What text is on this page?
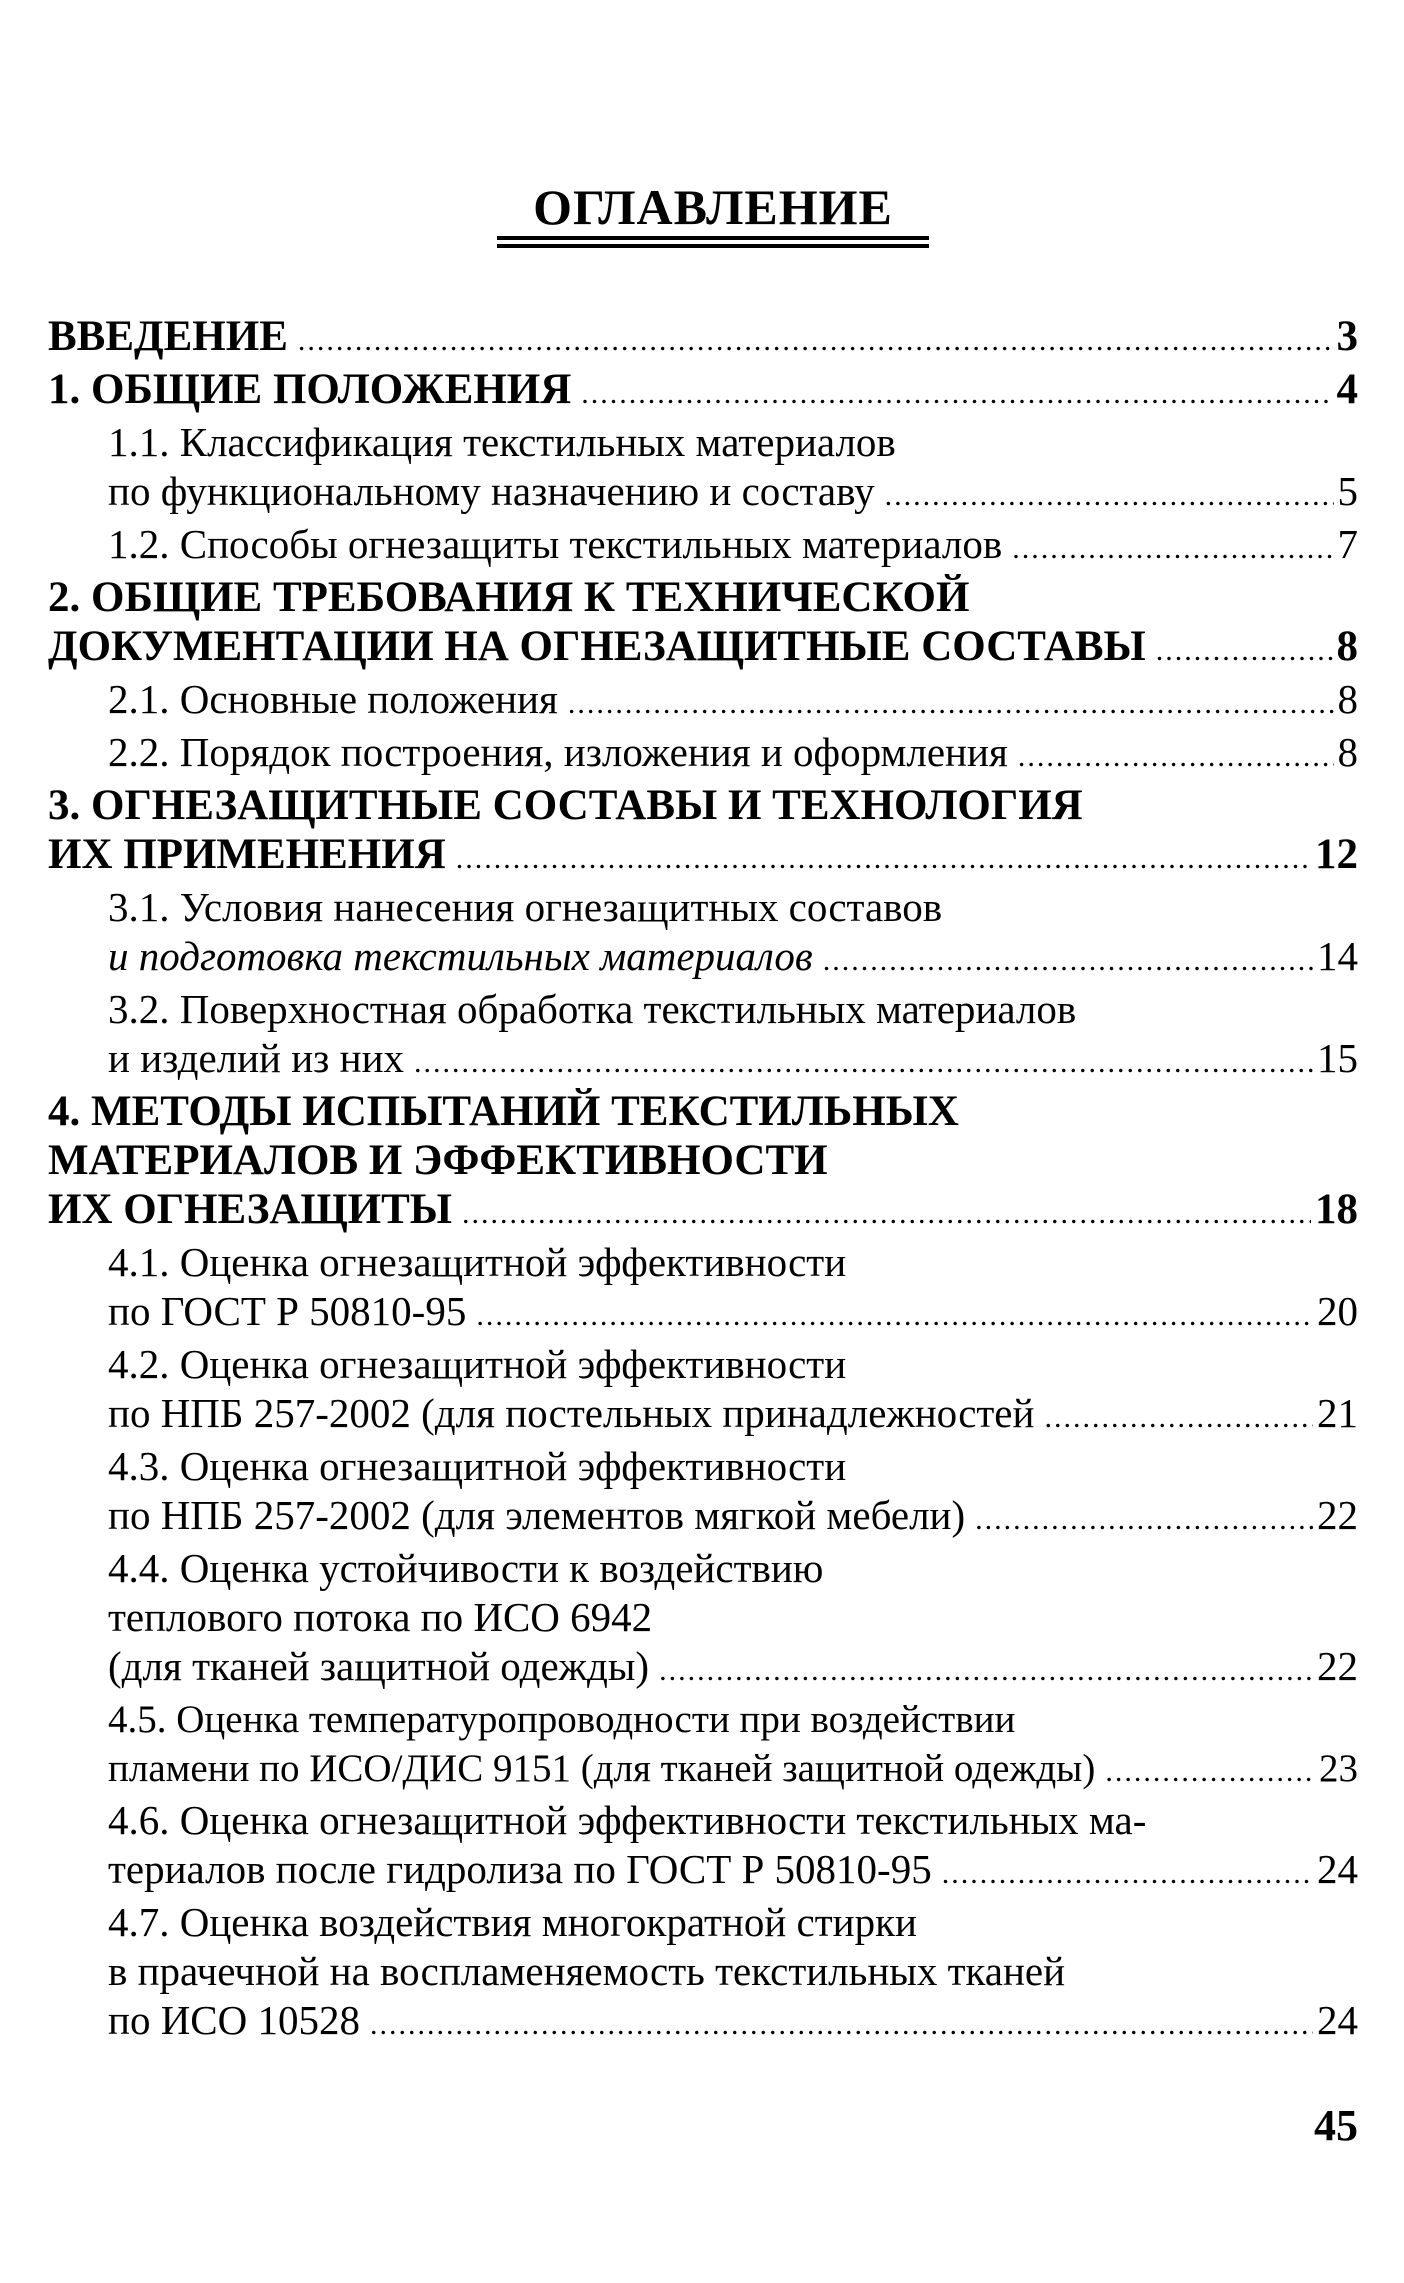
ОГЛАВЛЕНИЕ
ВВЕДЕНИЕ .....	3
1. ОБЩИЕ ПОЛОЖЕНИЯ .....	4
1.1. Классификация текстильных материалов
по функциональному назначению и составу .....	5
1.2. Способы огнезащиты текстильных материалов .....	7
2. ОБЩИЕ ТРЕБОВАНИЯ К ТЕХНИЧЕСКОЙ
ДОКУМЕНТАЦИИ НА ОГНЕЗАЩИТНЫЕ СОСТАВЫ .....	8
2.1. Основные положения .....	8
2.2. Порядок построения, изложения и оформления .....	8
3. ОГНЕЗАЩИТНЫЕ СОСТАВЫ И ТЕХНОЛОГИЯ
ИХ ПРИМЕНЕНИЯ .....	12
3.1. Условия нанесения огнезащитных составов
и подготовка текстильных материалов .....	14
3.2. Поверхностная обработка текстильных материалов
и изделий из них .....	15
4. МЕТОДЫ ИСПЫТАНИЙ ТЕКСТИЛЬНЫХ
МАТЕРИАЛОВ И ЭФФЕКТИВНОСТИ
ИХ ОГНЕЗАЩИТЫ .....	18
4.1. Оценка огнезащитной эффективности
по ГОСТ Р 50810-95 .....	20
4.2. Оценка огнезащитной эффективности
по НПБ 257-2002 (для постельных принадлежностей .....	21
4.3. Оценка огнезащитной эффективности
по НПБ 257-2002 (для элементов мягкой мебели) .....	22
4.4. Оценка устойчивости к воздействию
теплового потока по ИСО 6942
(для тканей защитной одежды) .....	22
4.5. Оценка температуропроводности при воздействии
пламени по ИСО/ДИС 9151 (для тканей защитной одежды) .....	23
4.6. Оценка огнезащитной эффективности текстильных ма-
териалов после гидролиза по ГОСТ Р 50810-95 .....	24
4.7. Оценка воздействия многократной стирки
в прачечной на воспламеняемость текстильных тканей
по ИСО 10528 .....	24
45
